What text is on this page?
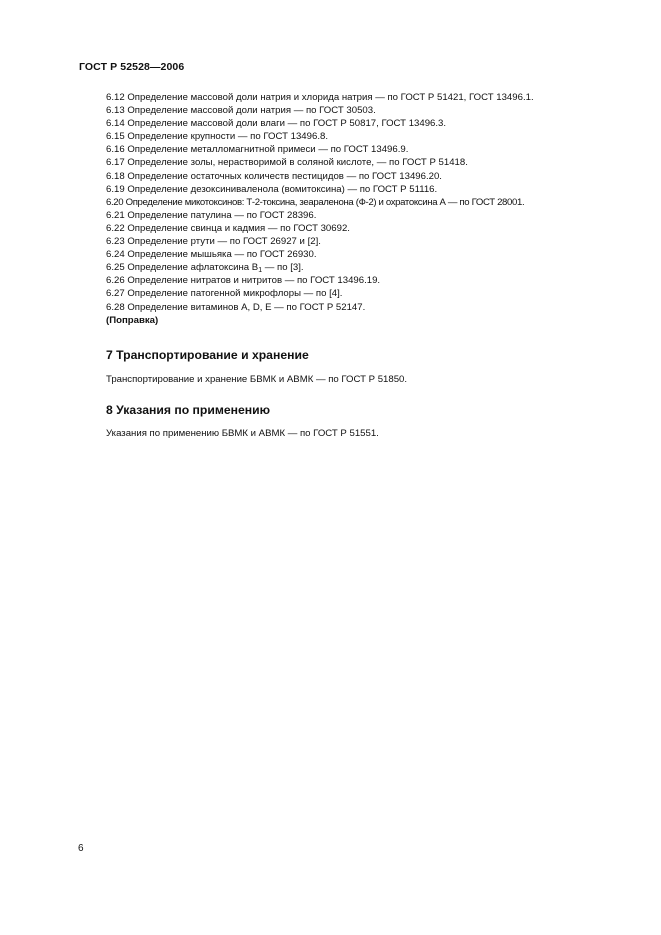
ГОСТ Р 52528—2006
6.12 Определение массовой доли натрия и хлорида натрия — по ГОСТ Р 51421, ГОСТ 13496.1.
6.13 Определение массовой доли натрия — по ГОСТ 30503.
6.14 Определение массовой доли влаги — по ГОСТ Р 50817, ГОСТ 13496.3.
6.15 Определение крупности — по ГОСТ 13496.8.
6.16 Определение металломагнитной примеси — по ГОСТ 13496.9.
6.17 Определение золы, нерастворимой в соляной кислоте, — по ГОСТ Р 51418.
6.18 Определение остаточных количеств пестицидов — по ГОСТ 13496.20.
6.19 Определение дезоксиниваленола (вомитоксина) — по ГОСТ Р 51116.
6.20 Определение микотоксинов: Т-2-токсина, зеараленона (Ф-2) и охратоксина А — по ГОСТ 28001.
6.21 Определение патулина — по ГОСТ 28396.
6.22 Определение свинца и кадмия — по ГОСТ 30692.
6.23 Определение ртути — по ГОСТ 26927 и [2].
6.24 Определение мышьяка — по ГОСТ 26930.
6.25 Определение афлатоксина $B_1$ — по [3].
6.26 Определение нитратов и нитритов — по ГОСТ 13496.19.
6.27 Определение патогенной микрофлоры — по [4].
6.28 Определение витаминов А, D, Е — по ГОСТ Р 52147.
(Поправка)
7 Транспортирование и хранение
Транспортирование и хранение БВМК и АВМК — по ГОСТ Р 51850.
8 Указания по применению
Указания по применению БВМК и АВМК — по ГОСТ Р 51551.
6
